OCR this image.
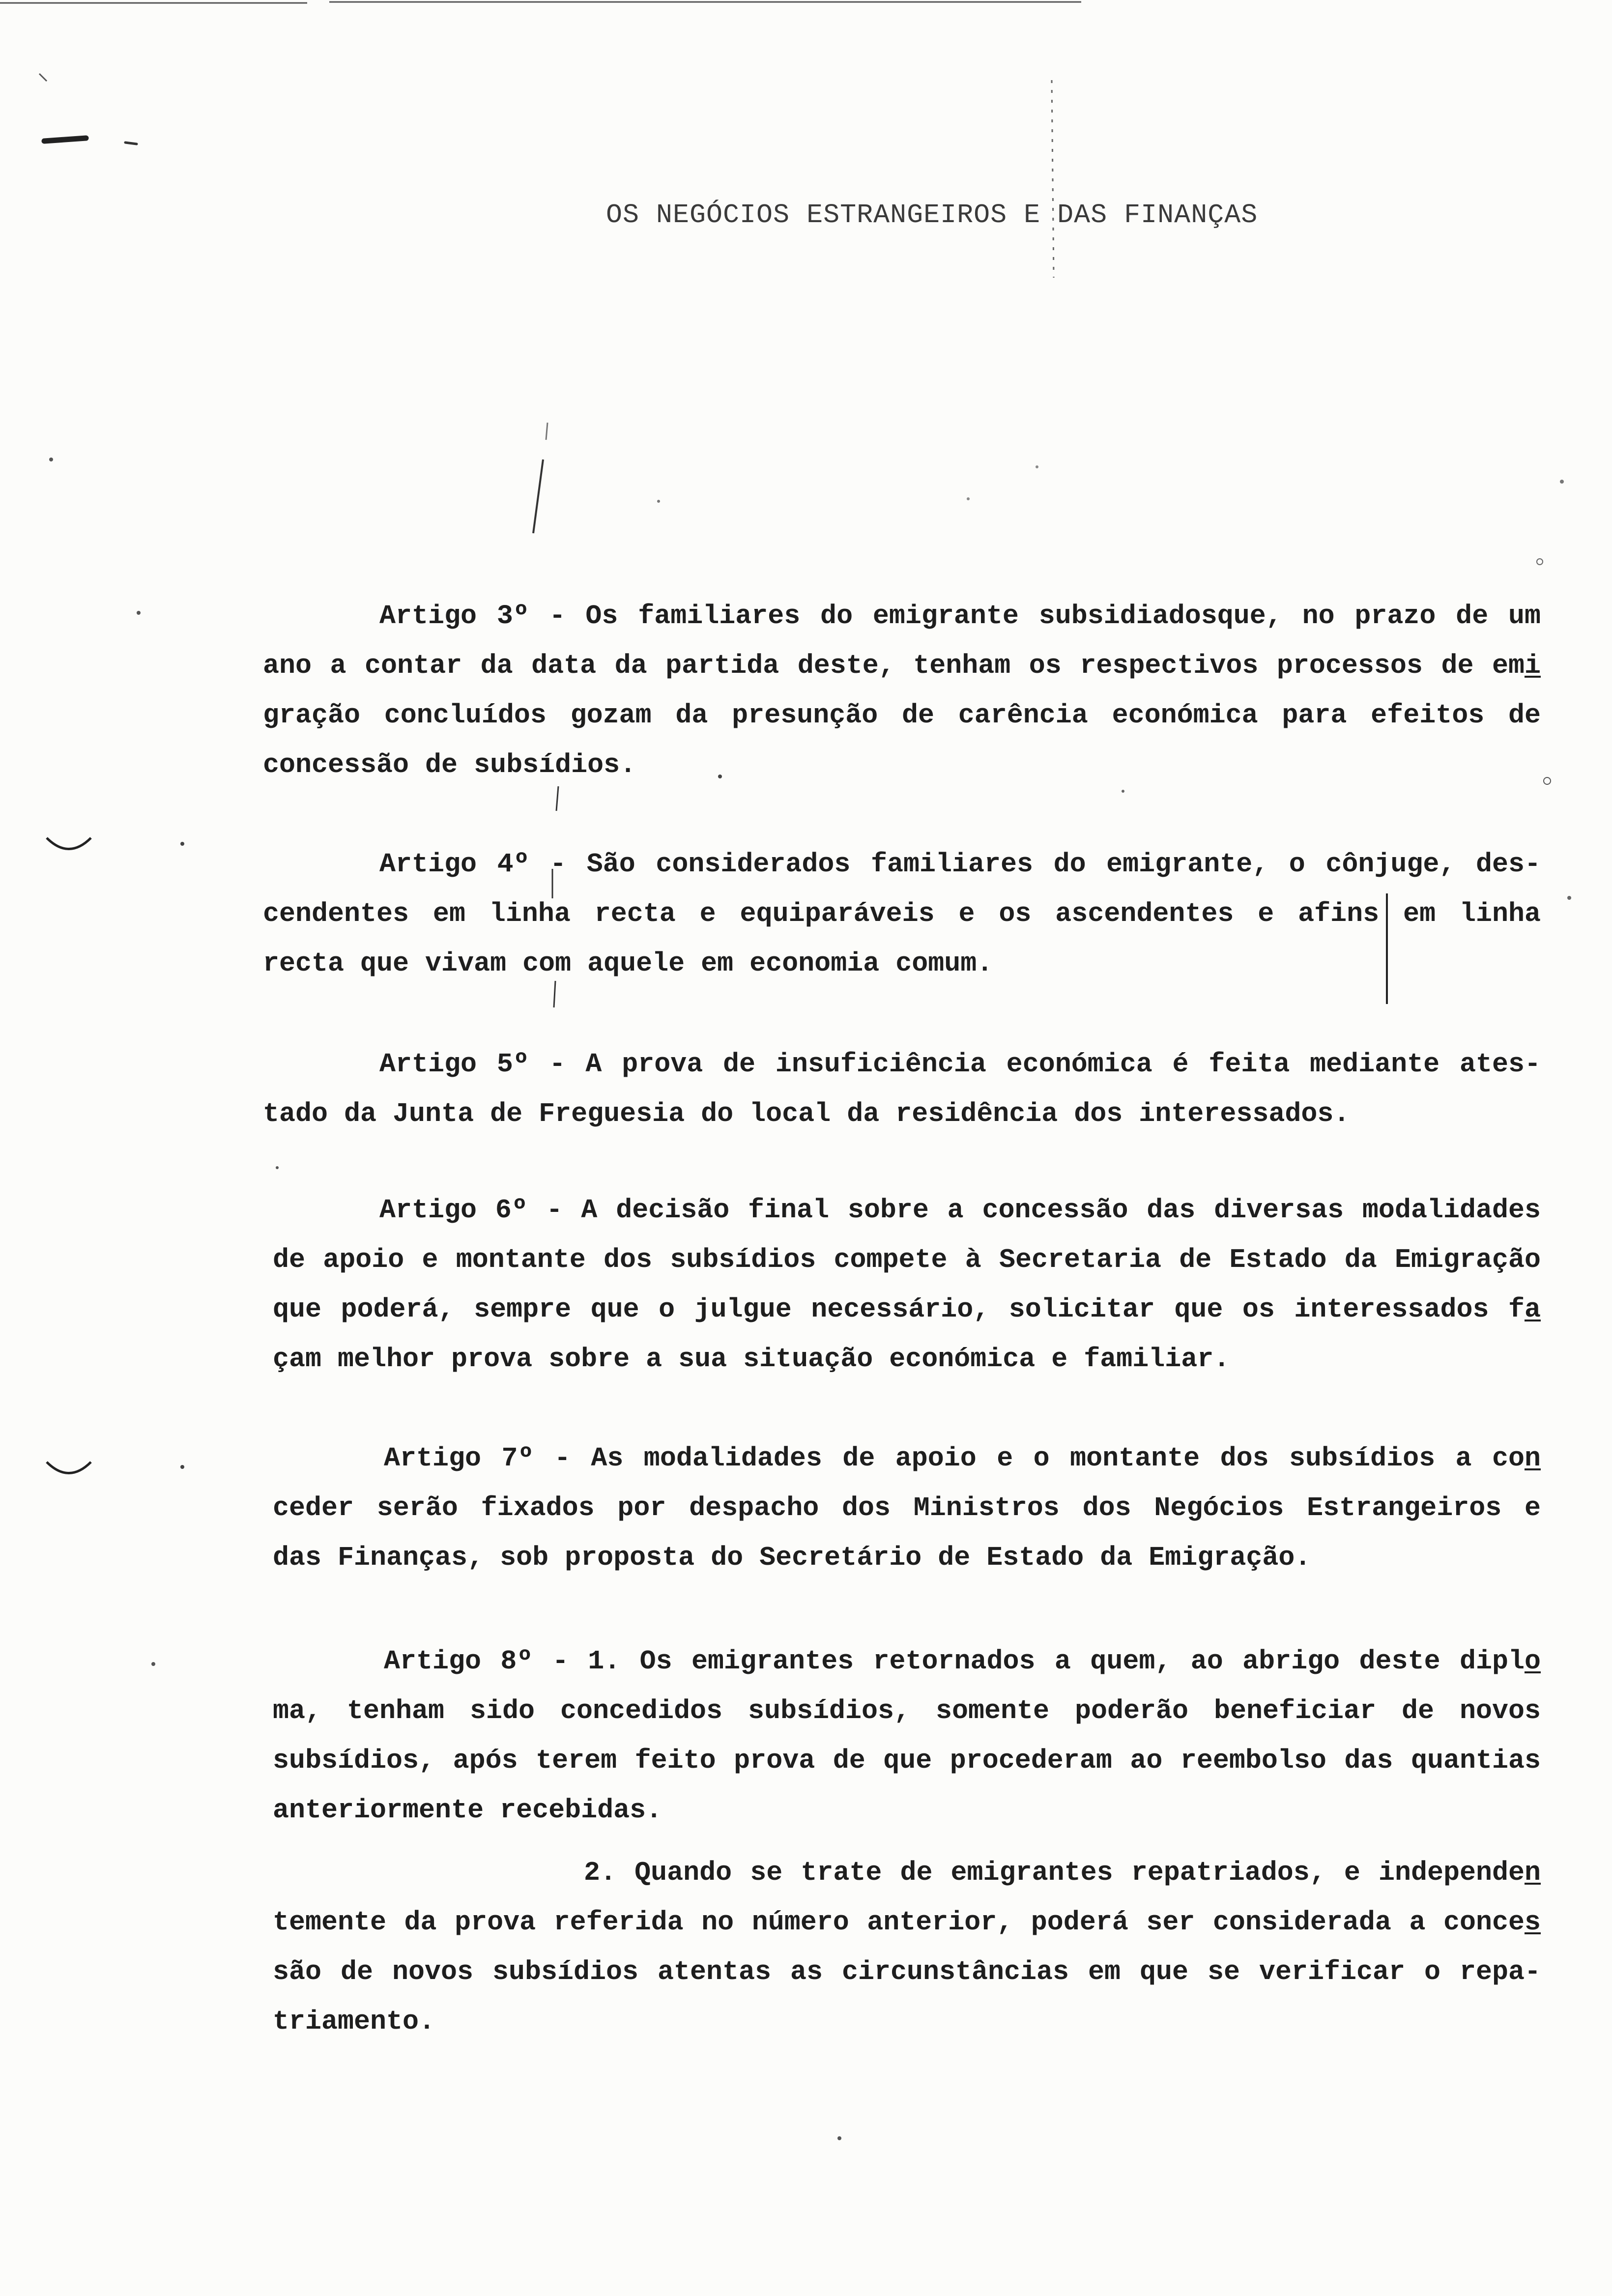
OS NEGÓCIOS ESTRANGEIROS E DAS FINANÇAS
Artigo 3º - Os familiares do emigrante subsidiadosque, no prazo de um
ano a contar da data da partida deste, tenham os respectivos processos de emi
gração concluídos gozam da presunção de carência económica para efeitos de
concessão de subsídios.
Artigo 4º - São considerados familiares do emigrante, o cônjuge, des-
cendentes em linha recta e equiparáveis e os ascendentes e afins em linha
recta que vivam com aquele em economia comum.
Artigo 5º - A prova de insuficiência económica é feita mediante ates-
tado da Junta de Freguesia do local da residência dos interessados.
Artigo 6º - A decisão final sobre a concessão das diversas modalidades
de apoio e montante dos subsídios compete à Secretaria de Estado da Emigração
que poderá, sempre que o julgue necessário, solicitar que os interessados fa
çam melhor prova sobre a sua situação económica e familiar.
Artigo 7º - As modalidades de apoio e o montante dos subsídios a con
ceder serão fixados por despacho dos Ministros dos Negócios Estrangeiros e
das Finanças, sob proposta do Secretário de Estado da Emigração.
Artigo 8º - 1. Os emigrantes retornados a quem, ao abrigo deste diplo
ma, tenham sido concedidos subsídios, somente poderão beneficiar de novos
subsídios, após terem feito prova de que procederam ao reembolso das quantias
anteriormente recebidas.
2. Quando se trate de emigrantes repatriados, e independen
temente da prova referida no número anterior, poderá ser considerada a conces
são de novos subsídios atentas as circunstâncias em que se verificar o repa-
triamento.
